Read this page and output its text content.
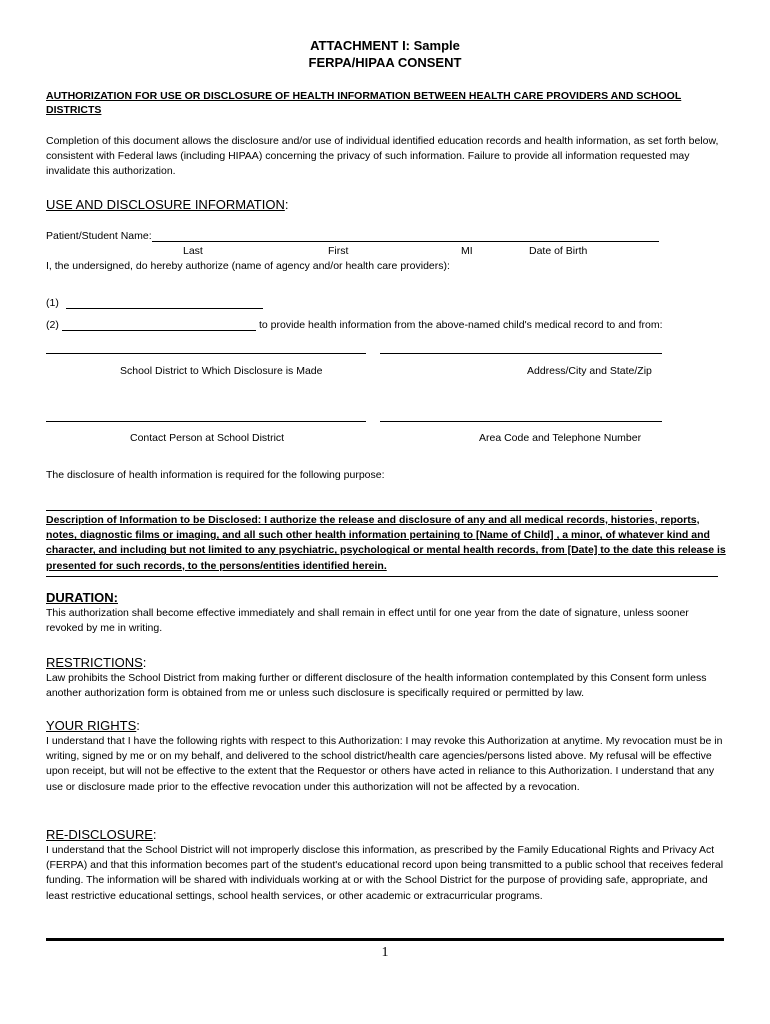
ATTACHMENT I: Sample
FERPA/HIPAA CONSENT
AUTHORIZATION FOR USE OR DISCLOSURE OF HEALTH INFORMATION BETWEEN HEALTH CARE PROVIDERS AND SCHOOL DISTRICTS
Completion of this document allows the disclosure and/or use of individual identified education records and health information, as set forth below, consistent with Federal laws (including HIPAA) concerning the privacy of such information. Failure to provide all information requested may invalidate this authorization.
USE AND DISCLOSURE INFORMATION:
Patient/Student Name:
Last	First	MI	Date of Birth
I, the undersigned, do hereby authorize (name of agency and/or health care providers):
(1)
(2)	to provide health information from the above-named child's medical record to and from:
School District to Which Disclosure is Made	Address/City and State/Zip
Contact Person at School District	Area Code and Telephone Number
The disclosure of health information is required for the following purpose:
Description of Information to be Disclosed: I authorize the release and disclosure of any and all medical records, histories, reports, notes, diagnostic films or imaging, and all such other health information pertaining to [Name of Child] , a minor, of whatever kind and character, and including but not limited to any psychiatric, psychological or mental health records, from [Date] to the date this release is presented for such records, to the persons/entities identified herein.
DURATION:
This authorization shall become effective immediately and shall remain in effect until for one year from the date of signature, unless sooner revoked by me in writing.
RESTRICTIONS:
Law prohibits the School District from making further or different disclosure of the health information contemplated by this Consent form unless another authorization form is obtained from me or unless such disclosure is specifically required or permitted by law.
YOUR RIGHTS:
I understand that I have the following rights with respect to this Authorization: I may revoke this Authorization at anytime. My revocation must be in writing, signed by me or on my behalf, and delivered to the school district/health care agencies/persons listed above. My refusal will be effective upon receipt, but will not be effective to the extent that the Requestor or others have acted in reliance to this Authorization. I understand that any use or disclosure made prior to the effective revocation under this authorization will not be affected by a revocation.
RE-DISCLOSURE:
I understand that the School District will not improperly disclose this information, as prescribed by the Family Educational Rights and Privacy Act (FERPA) and that this information becomes part of the student's educational record upon being transmitted to a public school that receives federal funding. The information will be shared with individuals working at or with the School District for the purpose of providing safe, appropriate, and least restrictive educational settings, school health services, or other academic or extracurricular programs.
1
